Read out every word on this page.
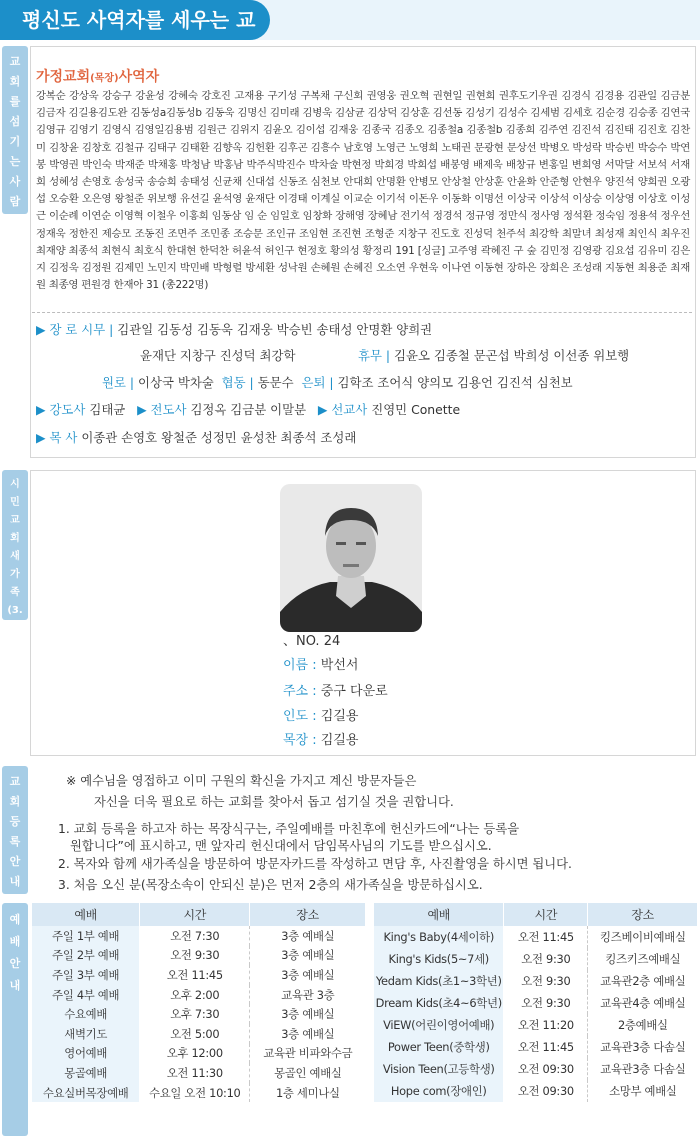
평신도 사역자를 세우는 교
교회를섬기는사람들
가정교회(목장)사역자
강복순 강상욱 강승구 강윤성 강혜숙 강호진 고재용 구기성 구복채 구신회 권영웅 권오혁 권현일 권현희 권후도기우권 김경식 김경용 김관일 김금분 김금자 김길용김도완 김동성a김동성b 김동욱 김명신 김미래 김병욱 김삼균 김상덕 김상훈 김선동 김성기 김성수 김세범 김세호 김순경 김승종 김연국 김영규 김영기 김영식 김영일김용범 김원근 김위지 김윤오 김이섭 김재웅 김종국 김종오 김종철a 김종철b 김종희 김주연 김진석 김진태 김진호 김찬미 김창윤 김창호 김철규 김태구 김태환 김향옥 김헌환 김후곤 김흥수 남호영 노영근 노영희 노태권 문광현 문상선 박병오 박성락 박승빈 박승수 박연봉 박영권 박인숙 박재준 박채홍 박청남 박홍남 박주식박진수 박차술 박현정 박희경 박희섭 배봉영 배제욱 배창규 변홍일 변희영 서막달 서보석 서재희 성혜성 손영호 송성국 송승희 송태성 신균채 신대섭 신동조 심천보 안대희 안명환 안병모 안상철 안상훈 안윤화 안준형 안현우 양진석 양희권 오광섭 오승환 오은영 왕철준 위보행 유선길 윤석영 윤재단 이경태 이계실 이교순 이기석 이돈우 이동화 이명선 이상국 이상석 이상승 이상영 이상호 이성근 이순례 이연순 이영혁 이철우 이홍희 임동삼 임 순 임일호 임창화 장해영 장혜남 전기석 정경석 정규영 정만식 정사영 정석환 정숙임 정용석 정우선 정재욱 정한진 제승모 조동진 조면주 조민종 조승문 조인규 조임현 조진현 조형준 지창구 진도호 진성덕 천주석 최강학 최말녀 최성재 최인식 최우진 최재양 최종석 최현식 최호식 한대현 한덕찬 허윤석 허인구 현정호 황의성 황정리 191 [싱글] 고주영 곽혜진 구 숲 김민정 김영광 김요섭 김유미 김은지 김정욱 김정원 김제민 노민지 박민배 박형렬 방세환 성낙원 손혜원 손혜진 오소연 우현욱 이나연 이동현 장하은 장희은 조성래 지동현 최용준 최재원 최종영 편원경 한재아 31 (총222명)
▶ 장 로 시무 | 김관일 김동성 김동욱 김재웅 박승빈 송태성 안명환 양희권
윤재단 지창구 진성덕 최강학	휴무 | 김윤오 김종철 문곤섭 박희성 이선종 위보행
원로 | 이상국 박차술 협동 | 동문수 은퇴 | 김학조 조어식 양의모 김용언 김진석 심천보
▶ 강도사 김태균 ▶ 전도사 김정옥 김금분 이말분 ▶ 선교사 진영민 Conette
▶ 목 사 이종관 손영호 왕철준 성정민 윤성찬 최종석 조성래
시민교회새가족(3.26)	、NO. 24
이름 : 박선서
주소 : 중구 다운로
인도 : 김길용
목장 : 김길용
교회등록안내
※ 예수님을 영접하고 이미 구원의 확신을 가지고 계신 방문자들은
자신을 더욱 필요로 하는 교회를 찾아서 돕고 섬기실 것을 권합니다.
1. 교회 등록을 하고자 하는 목장식구는, 주일예배를 마친후에 헌신카드에“나는 등록을
원합니다”에 표시하고, 맨 앞자리 헌신대에서 담임목사님의 기도를 받으십시오.
2. 목자와 함께 새가족실을 방문하여 방문자카드를 작성하고 면담 후, 사진촬영을 하시면 됩니다.
3. 처음 오신 분(목장소속이 안되신 분)은 먼저 2층의 새가족실을 방문하십시오.
예배안내
예배	시간	장소
주일 1부 예배	오전 7:30	3층 예배실
주일 2부 예배	오전 9:30	3층 예배실
주일 3부 예배	오전 11:45	3층 예배실
주일 4부 예배	오후 2:00	교육관 3층
수요예배	오후 7:30	3층 예배실
새벽기도	오전 5:00	3층 예배실
영어예배	오후 12:00	교육관 비파와수금
몽골예배	오전 11:30	몽골인 예배실
수요실버목장예배	수요일 오전 10:10	1층 세미나실
예배	시간	장소
King's Baby(4세이하)	오전 11:45	킹즈베이비예배실
King's Kids(5~7세)	오전 9:30	킹즈키즈예배실
Yedam Kids(초1~3학년)	오전 9:30	교육관2층 예배실
Dream Kids(초4~6학년)	오전 9:30	교육관4층 예배실
ViEW(어린이영어예배)	오전 11:20	2층예배실
Power Teen(중학생)	오전 11:45	교육관3층 다솜실
Vision Teen(고등학생)	오전 09:30	교육관3층 다솜실
Hope com(장애인)	오전 09:30	소망부 예배실
